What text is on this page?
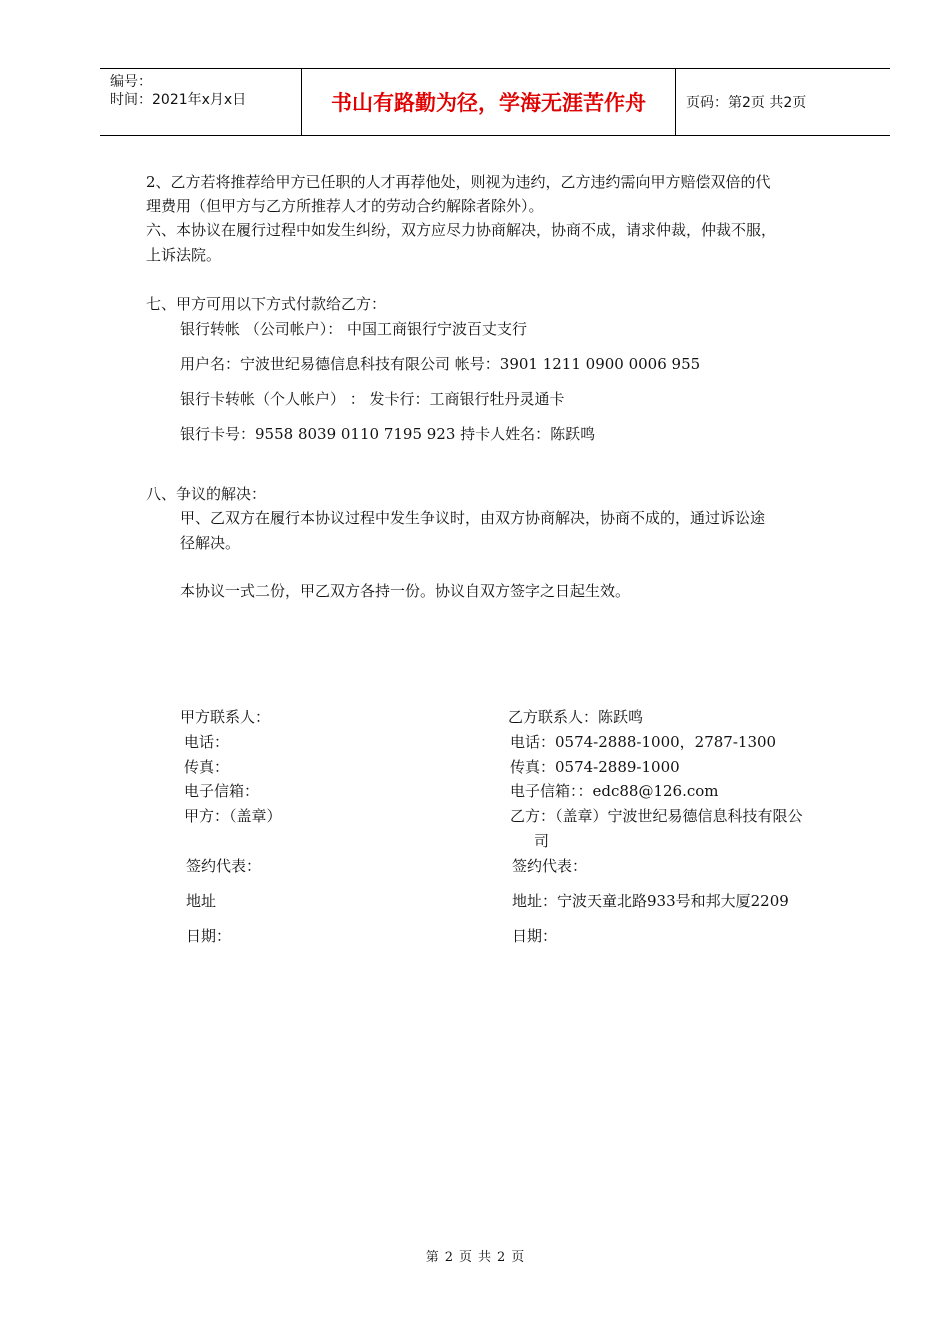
编号：
时间：2021年x月x日	书山有路勤为径，学海无涯苦作舟	页码：第2页 共2页
2、乙方若将推荐给甲方已任职的人才再荐他处，则视为违约，乙方违约需向甲方赔偿双倍的代
理费用（但甲方与乙方所推荐人才的劳动合约解除者除外）。
六、本协议在履行过程中如发生纠纷，双方应尽力协商解决，协商不成，请求仲裁，仲裁不服，
上诉法院。
七、甲方可用以下方式付款给乙方：
银行转帐 （公司帐户）： 中国工商银行宁波百丈支行
用户名：宁波世纪易德信息科技有限公司 帐号：3901 1211 0900 0006 955
银行卡转帐（个人帐户） ： 发卡行：工商银行牡丹灵通卡
银行卡号：9558 8039 0110 7195 923 持卡人姓名：陈跃鸣
八、争议的解决：
甲、乙双方在履行本协议过程中发生争议时，由双方协商解决，协商不成的，通过诉讼途
径解决。
本协议一式二份，甲乙双方各持一份。协议自双方签字之日起生效。
甲方联系人：
电话：
传真：
电子信箱：
甲方：（盖章）
签约代表：
地址
日期：
乙方联系人：陈跃鸣
电话：0574-2888-1000，2787-1300
传真：0574-2889-1000
电子信箱：：edc88@126.com
乙方：（盖章）宁波世纪易德信息科技有限公
司
签约代表：
地址：宁波天童北路933号和邦大厦2209
日期：
第 2 页 共 2 页
